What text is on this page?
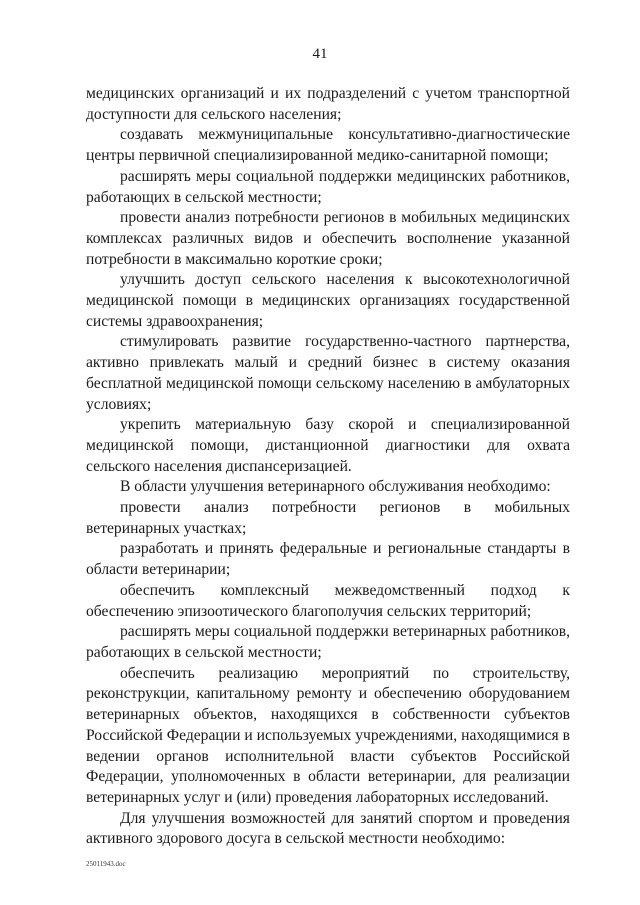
41

медицинских организаций и их подразделений с учетом транспортной доступности для сельского населения;

создавать межмуниципальные консультативно-диагностические центры первичной специализированной медико-санитарной помощи;

расширять меры социальной поддержки медицинских работников, работающих в сельской местности;

провести анализ потребности регионов в мобильных медицинских комплексах различных видов и обеспечить восполнение указанной потребности в максимально короткие сроки;

улучшить доступ сельского населения к высокотехнологичной медицинской помощи в медицинских организациях государственной системы здравоохранения;

стимулировать развитие государственно-частного партнерства, активно привлекать малый и средний бизнес в систему оказания бесплатной медицинской помощи сельскому населению в амбулаторных условиях;

укрепить материальную базу скорой и специализированной медицинской помощи, дистанционной диагностики для охвата сельского населения диспансеризацией.

В области улучшения ветеринарного обслуживания необходимо:

провести анализ потребности регионов в мобильных ветеринарных участках;

разработать и принять федеральные и региональные стандарты в области ветеринарии;

обеспечить комплексный межведомственный подход к обеспечению эпизоотического благополучия сельских территорий;

расширять меры социальной поддержки ветеринарных работников, работающих в сельской местности;

обеспечить реализацию мероприятий по строительству, реконструкции, капитальному ремонту и обеспечению оборудованием ветеринарных объектов, находящихся в собственности субъектов Российской Федерации и используемых учреждениями, находящимися в ведении органов исполнительной власти субъектов Российской Федерации, уполномоченных в области ветеринарии, для реализации ветеринарных услуг и (или) проведения лабораторных исследований.

Для улучшения возможностей для занятий спортом и проведения активного здорового досуга в сельской местности необходимо:

25011943.doc
